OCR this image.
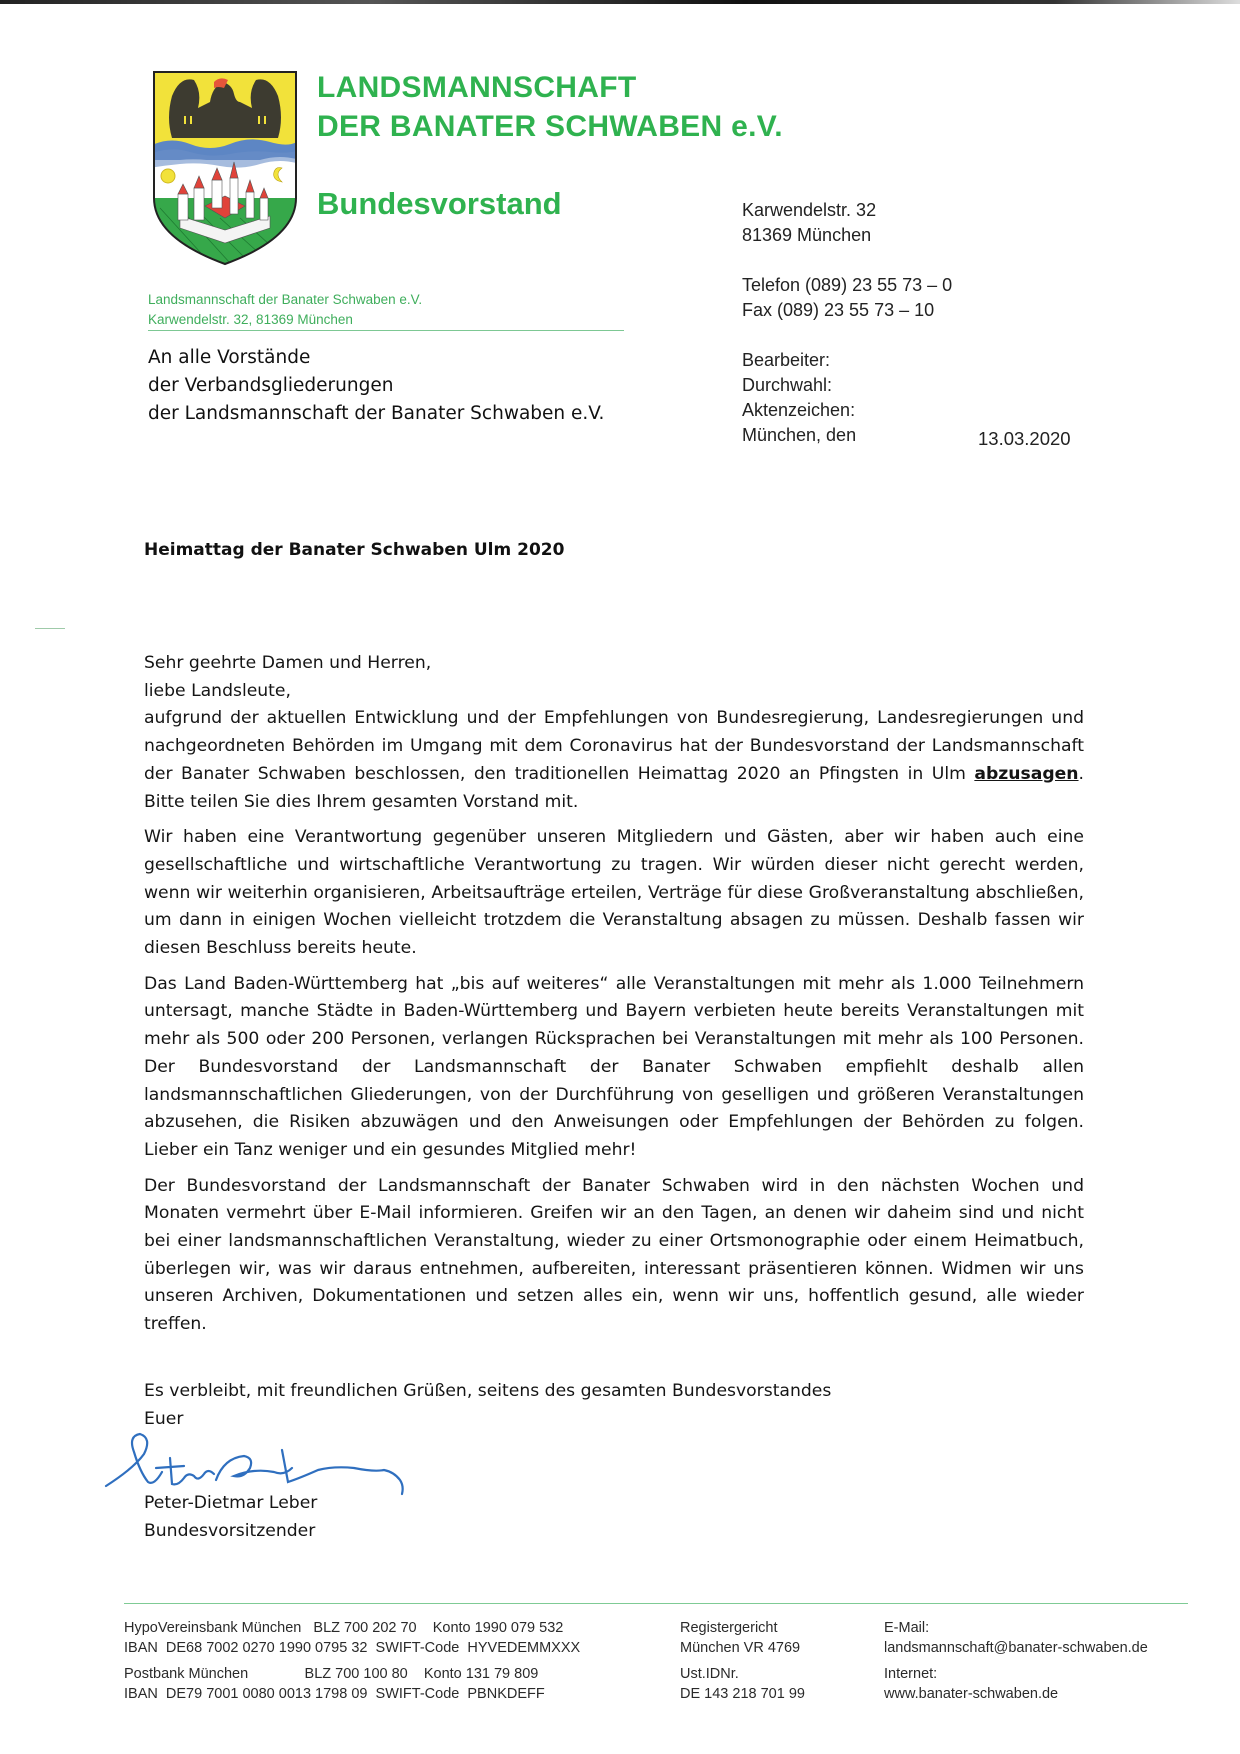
LANDSMANNSCHAFT
DER BANATER SCHWABEN e.V.
Bundesvorstand
Landsmannschaft der Banater Schwaben e.V.
Karwendelstr. 32, 81369 München
An alle Vorstände
der Verbandsgliederungen
der Landsmannschaft der Banater Schwaben e.V.
Karwendelstr. 32
81369 München
Telefon (089) 23 55 73 – 0
Fax (089) 23 55 73 – 10
Bearbeiter:
Durchwahl:
Aktenzeichen:
München, den	13.03.2020
Heimattag der Banater Schwaben Ulm 2020

Sehr geehrte Damen und Herren,

liebe Landsleute,

aufgrund der aktuellen Entwicklung und der Empfehlungen von Bundesregierung, Landesregierungen und nachgeordneten Behörden im Umgang mit dem Coronavirus hat der Bundesvorstand der Landsmannschaft der Banater Schwaben beschlossen, den traditionellen Heimattag 2020 an Pfingsten in Ulm abzusagen. Bitte teilen Sie dies Ihrem gesamten Vorstand mit.

Wir haben eine Verantwortung gegenüber unseren Mitgliedern und Gästen, aber wir haben auch eine gesellschaftliche und wirtschaftliche Verantwortung zu tragen. Wir würden dieser nicht gerecht werden, wenn wir weiterhin organisieren, Arbeitsaufträge erteilen, Verträge für diese Großveranstaltung abschließen, um dann in einigen Wochen vielleicht trotzdem die Veranstaltung absagen zu müssen. Deshalb fassen wir diesen Beschluss bereits heute.

Das Land Baden-Württemberg hat „bis auf weiteres“ alle Veranstaltungen mit mehr als 1.000 Teilnehmern untersagt, manche Städte in Baden-Württemberg und Bayern verbieten heute bereits Veranstaltungen mit mehr als 500 oder 200 Personen, verlangen Rücksprachen bei Veranstaltungen mit mehr als 100 Personen. Der Bundesvorstand der Landsmannschaft der Banater Schwaben empfiehlt deshalb allen landsmannschaftlichen Gliederungen, von der Durchführung von geselligen und größeren Veranstaltungen abzusehen, die Risiken abzuwägen und den Anweisungen oder Empfehlungen der Behörden zu folgen. Lieber ein Tanz weniger und ein gesundes Mitglied mehr!

Der Bundesvorstand der Landsmannschaft der Banater Schwaben wird in den nächsten Wochen und Monaten vermehrt über E-Mail informieren. Greifen wir an den Tagen, an denen wir daheim sind und nicht bei einer landsmannschaftlichen Veranstaltung, wieder zu einer Ortsmonographie oder einem Heimatbuch, überlegen wir, was wir daraus entnehmen, aufbereiten, interessant präsentieren können. Widmen wir uns unseren Archiven, Dokumentationen und setzen alles ein, wenn wir uns, hoffentlich gesund, alle wieder treffen.

Es verbleibt, mit freundlichen Grüßen, seitens des gesamten Bundesvorstandes
Euer
Peter-Dietmar Leber
Bundesvorsitzender
HypoVereinsbank München   BLZ 700 202 70    Konto 1990 079 532
IBAN  DE68 7002 0270 1990 0795 32  SWIFT-Code  HYVEDEMMXXX
Postbank München              BLZ 700 100 80    Konto 131 79 809
IBAN  DE79 7001 0080 0013 1798 09  SWIFT-Code  PBNKDEFF
Registergericht
München VR 4769
Ust.IDNr.
DE 143 218 701 99
E-Mail:
landsmannschaft@banater-schwaben.de
Internet:
www.banater-schwaben.de
